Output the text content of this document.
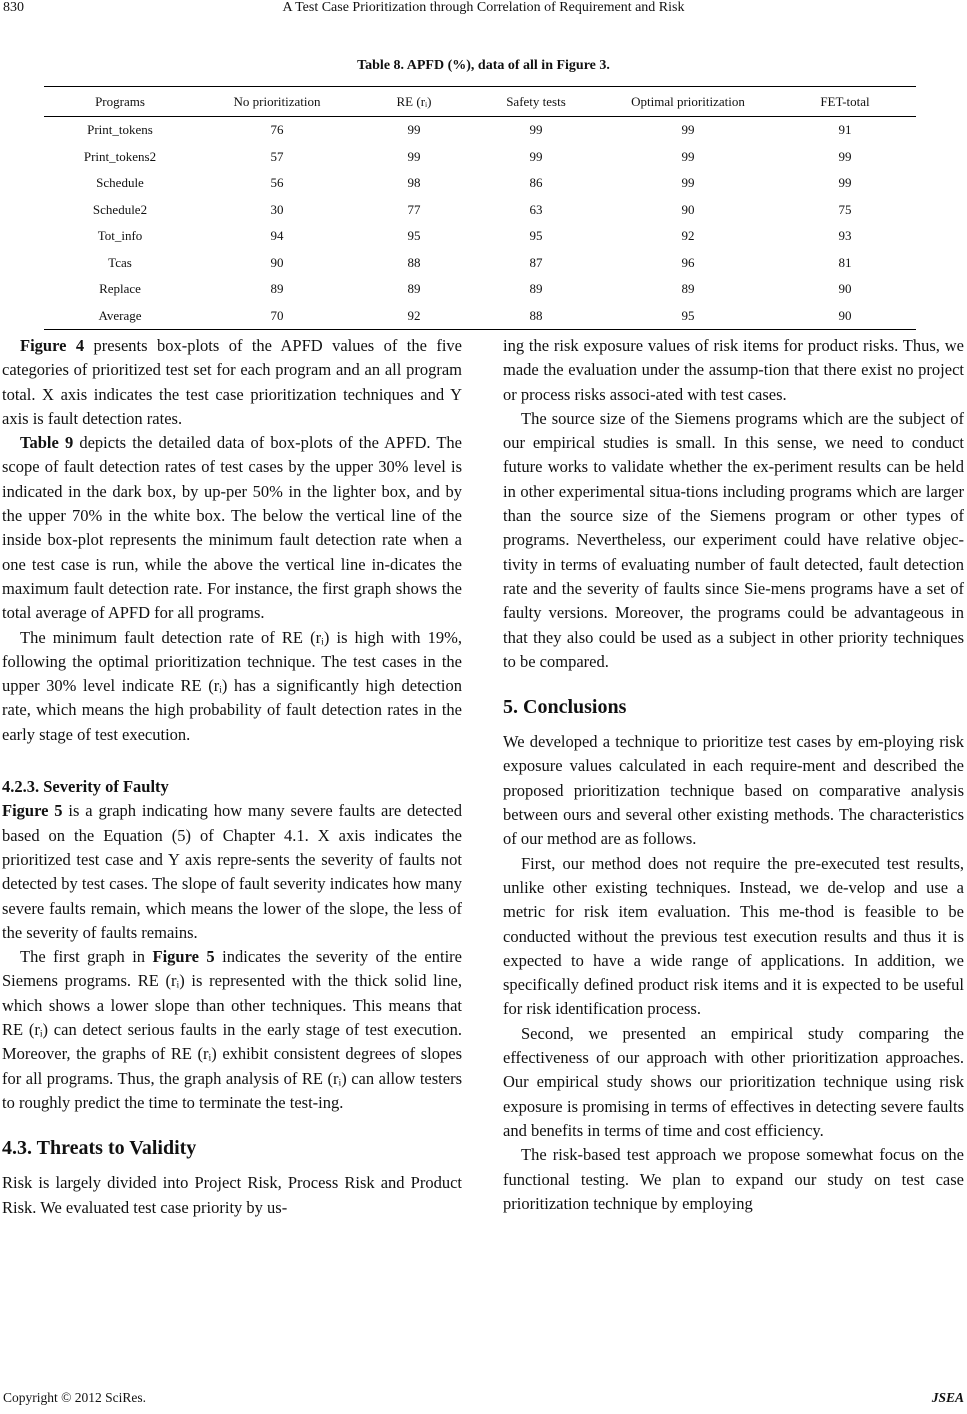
830	A Test Case Prioritization through Correlation of Requirement and Risk
Table 8. APFD (%), data of all in Figure 3.
Programs	No prioritization	RE (rᵢ)	Safety tests	Optimal prioritization	FET-total
Print_tokens	76	99	99	99	91
Print_tokens2	57	99	99	99	99
Schedule	56	98	86	99	99
Schedule2	30	77	63	90	75
Tot_info	94	95	95	92	93
Tcas	90	88	87	96	81
Replace	89	89	89	89	90
Average	70	92	88	95	90

Figure 4 presents box-plots of the APFD values of the five categories of prioritized test set for each program and an all program total. X axis indicates the test case prioritization techniques and Y axis is fault detection rates.

Table 9 depicts the detailed data of box-plots of the APFD. The scope of fault detection rates of test cases by the upper 30% level is indicated in the dark box, by up-per 50% in the lighter box, and by the upper 70% in the white box. The below the vertical line of the inside box-plot represents the minimum fault detection rate when a one test case is run, while the above the vertical line in-dicates the maximum fault detection rate. For instance, the first graph shows the total average of APFD for all programs.

The minimum fault detection rate of RE (rᵢ) is high with 19%, following the optimal prioritization technique. The test cases in the upper 30% level indicate RE (rᵢ) has a significantly high detection rate, which means the high probability of fault detection rates in the early stage of test execution.

4.2.3. Severity of Faulty

Figure 5 is a graph indicating how many severe faults are detected based on the Equation (5) of Chapter 4.1. X axis indicates the prioritized test case and Y axis repre-sents the severity of faults not detected by test cases. The slope of fault severity indicates how many severe faults remain, which means the lower of the slope, the less of the severity of faults remains.

The first graph in Figure 5 indicates the severity of the entire Siemens programs. RE (rᵢ) is represented with the thick solid line, which shows a lower slope than other techniques. This means that RE (rᵢ) can detect serious faults in the early stage of test execution. Moreover, the graphs of RE (rᵢ) exhibit consistent degrees of slopes for all programs. Thus, the graph analysis of RE (rᵢ) can allow testers to roughly predict the time to terminate the test-ing.

4.3. Threats to Validity

Risk is largely divided into Project Risk, Process Risk and Product Risk. We evaluated test case priority by us-

ing the risk exposure values of risk items for product risks. Thus, we made the evaluation under the assump-tion that there exist no project or process risks associ-ated with test cases.

The source size of the Siemens programs which are the subject of our empirical studies is small. In this sense, we need to conduct future works to validate whether the ex-periment results can be held in other experimental situa-tions including programs which are larger than the source size of the Siemens program or other types of programs. Nevertheless, our experiment could have relative objec-tivity in terms of evaluating number of fault detected, fault detection rate and the severity of faults since Sie-mens programs have a set of faulty versions. Moreover, the programs could be advantageous in that they also could be used as a subject in other priority techniques to be compared.

5. Conclusions

We developed a technique to prioritize test cases by em-ploying risk exposure values calculated in each require-ment and described the proposed prioritization technique based on comparative analysis between ours and several other existing methods. The characteristics of our method are as follows.

First, our method does not require the pre-executed test results, unlike other existing techniques. Instead, we de-velop and use a metric for risk item evaluation. This me-thod is feasible to be conducted without the previous test execution results and thus it is expected to have a wide range of applications. In addition, we specifically defined product risk items and it is expected to be useful for risk identification process.

Second, we presented an empirical study comparing the effectiveness of our approach with other prioritization approaches. Our empirical study shows our prioritization technique using risk exposure is promising in terms of effectives in detecting severe faults and benefits in terms of time and cost efficiency.

The risk-based test approach we propose somewhat focus on the functional testing. We plan to expand our study on test case prioritization technique by employing

Copyright © 2012 SciRes.	JSEA
